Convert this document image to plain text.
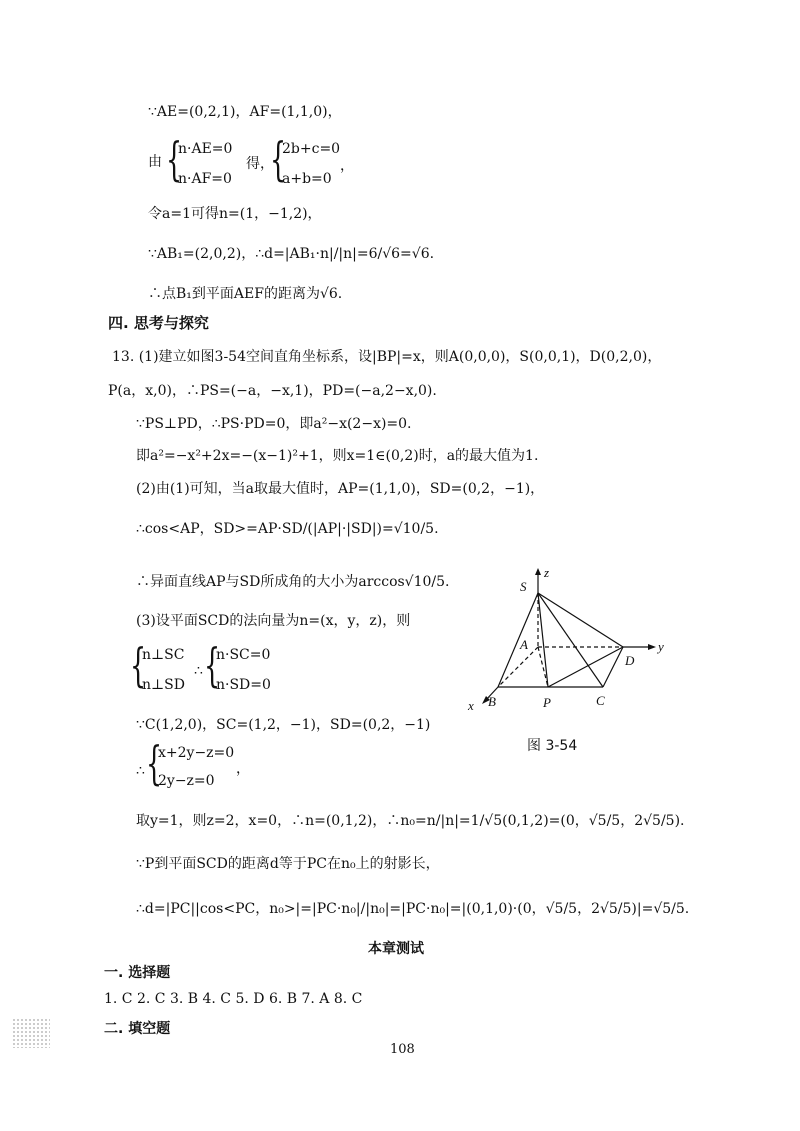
∵AE=(0,2,1)，AF=(1,1,0)，
由 {
n·AE=0
n·AF=0
得，
{
2b+c=0
a+b=0
，
令a=1可得n=(1，−1,2)，
∵AB₁=(2,0,2)，∴d=|AB₁·n|/|n|=6/√6=√6.
∴点B₁到平面AEF的距离为√6.
四. 思考与探究
13. (1)建立如图3-54空间直角坐标系，设|BP|=x，则A(0,0,0)，S(0,0,1)，D(0,2,0)，
P(a，x,0)，∴PS=(−a，−x,1)，PD=(−a,2−x,0).
∵PS⊥PD，∴PS·PD=0，即a²−x(2−x)=0.
即a²=−x²+2x=−(x−1)²+1，则x=1∈(0,2)时，a的最大值为1.
(2)由(1)可知，当a取最大值时，AP=(1,1,0)，SD=(0,2，−1)，
∴cos<AP，SD>=AP·SD/(|AP|·|SD|)=√10/5.
∴异面直线AP与SD所成角的大小为arccos√10/5.
(3)设平面SCD的法向量为n=(x，y，z)，则
{
n⊥SC
n⊥SD
∴ {
n·SC=0
n·SD=0
∵C(1,2,0)，SC=(1,2，−1)，SD=(0,2，−1)
∴ {
x+2y−z=0
2y−z=0
，
取y=1，则z=2，x=0，∴n=(0,1,2)，∴n₀=n/|n|=1/√5(0,1,2)=(0，√5/5，2√5/5).
∵P到平面SCD的距离d等于PC在n₀上的射影长，
∴d=|PC||cos<PC，n₀>|=|PC·n₀|/|n₀|=|PC·n₀|=|(0,1,0)·(0，√5/5，2√5/5)|=√5/5.
本章测试
一. 选择题
1. C 2. C 3. B 4. C 5. D 6. B 7. A 8. C
二. 填空题
108
S
z
A
D
y
x B	P	C
图 3-54
